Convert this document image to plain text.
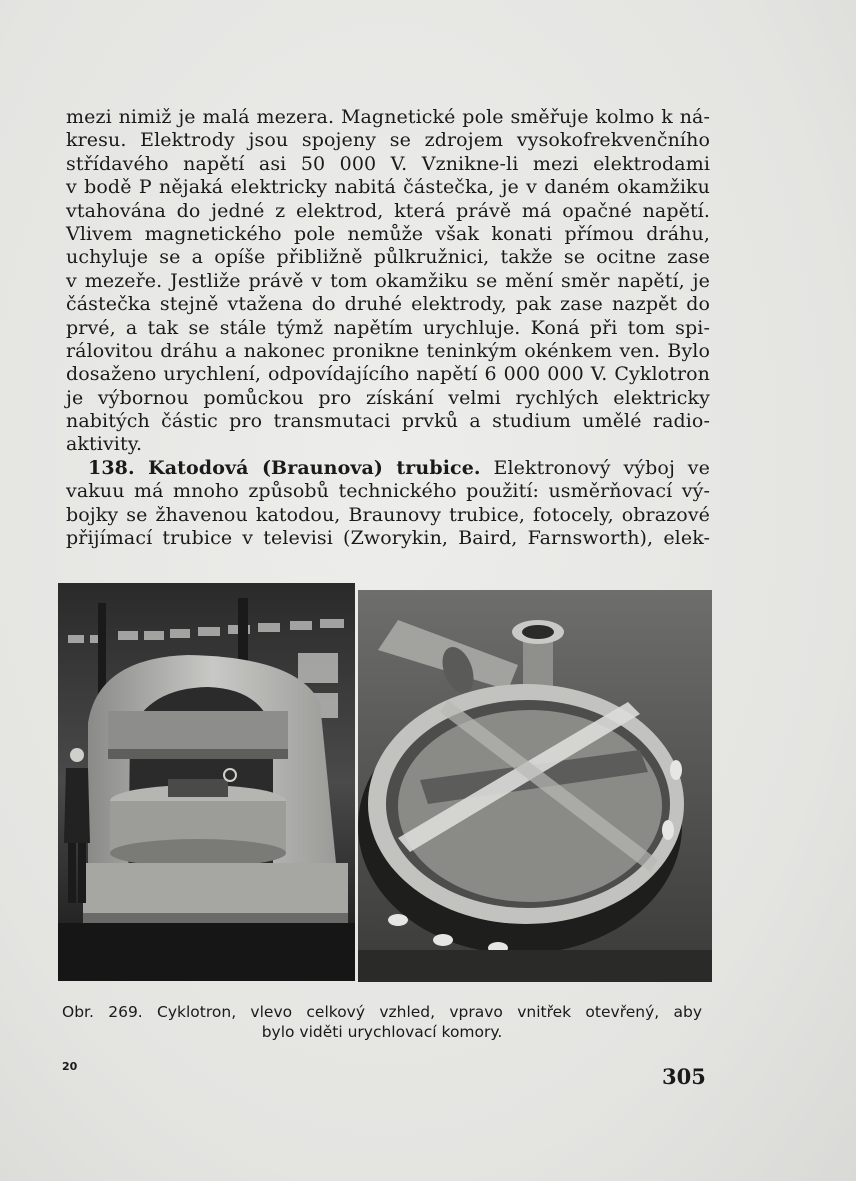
mezi nimiž je malá mezera. Magnetické pole směřuje kolmo k ná-
kresu. Elektrody jsou spojeny se zdrojem vysokofrekvenčního
střídavého napětí asi 50 000 V. Vznikne-li mezi elektrodami
v bodě P nějaká elektricky nabitá částečka, je v daném okamžiku
vtahována do jedné z elektrod, která právě má opačné napětí.
Vlivem magnetického pole nemůže však konati přímou dráhu,
uchyluje se a opíše přibližně půlkružnici, takže se ocitne zase
v mezeře. Jestliže právě v tom okamžiku se mění směr napětí, je
částečka stejně vtažena do druhé elektrody, pak zase nazpět do
prvé, a tak se stále týmž napětím urychluje. Koná při tom spi-
rálovitou dráhu a nakonec pronikne teninkým okénkem ven. Bylo
dosaženo urychlení, odpovídajícího napětí 6 000 000 V. Cyklotron
je výbornou pomůckou pro získání velmi rychlých elektricky
nabitých částic pro transmutaci prvků a studium umělé radio-
aktivity.
138. Katodová (Braunova) trubice. Elektronový výboj ve
vakuu má mnoho způsobů technického použití: usměrňovací vý-
bojky se žhavenou katodou, Braunovy trubice, fotocely, obrazové
přijímací trubice v televisi (Zworykin, Baird, Farnsworth), elek-
Obr. 269. Cyklotron, vlevo celkový vzhled, vpravo vnitřek otevřený, aby
bylo viděti urychlovací komory.
20	305
